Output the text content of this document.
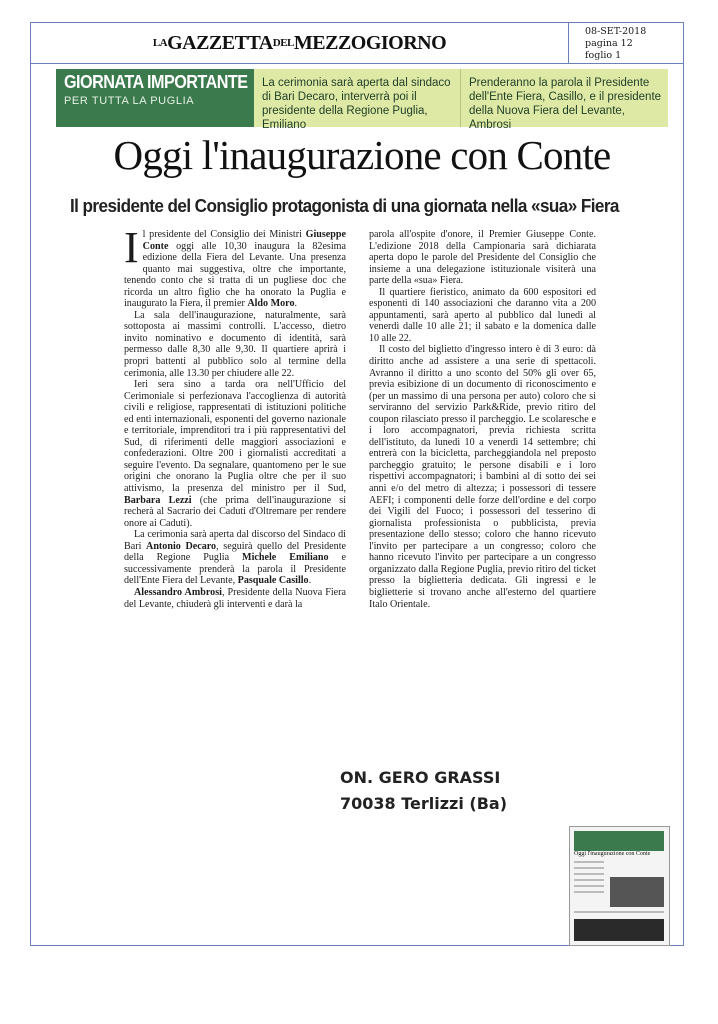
LA GAZZETTA DEL MEZZOGIORNO	08-SET-2018
pagina 12
foglio 1
GIORNATA IMPORTANTE
PER TUTTA LA PUGLIA
La cerimonia sarà aperta dal sindaco di Bari Decaro, interverrà poi il presidente della Regione Puglia, Emiliano
Prenderanno la parola il Presidente dell'Ente Fiera, Casillo, e il presidente della Nuova Fiera del Levante, Ambrosi
Oggi l'inaugurazione con Conte
Il presidente del Consiglio protagonista di una giornata nella «sua» Fiera

Il presidente del Consiglio dei Ministri Giuseppe Conte oggi alle 10,30 inaugura la 82esima edizione della Fiera del Levante. Una presenza quanto mai suggestiva, oltre che importante, tenendo conto che si tratta di un pugliese doc che ricorda un altro figlio che ha onorato la Puglia e inaugurato la Fiera, il premier Aldo Moro.

La sala dell'inaugurazione, naturalmente, sarà sottoposta ai massimi controlli. L'accesso, dietro invito nominativo e documento di identità, sarà permesso dalle 8,30 alle 9,30. Il quartiere aprirà i propri battenti al pubblico solo al termine della cerimonia, alle 13.30 per chiudere alle 22.

Ieri sera sino a tarda ora nell'Ufficio del Cerimoniale si perfezionava l'accoglienza di autorità civili e religiose, rappresentati di istituzioni politiche ed enti internazionali, esponenti del governo nazionale e territoriale, imprenditori tra i più rappresentativi del Sud, di riferimenti delle maggiori associazioni e confederazioni. Oltre 200 i giornalisti accreditati a seguire l'evento. Da segnalare, quantomeno per le sue origini che onorano la Puglia oltre che per il suo attivismo, la presenza del ministro per il Sud, Barbara Lezzi (che prima dell'inaugurazione si recherà al Sacrario dei Caduti d'Oltremare per rendere onore ai Caduti).

La cerimonia sarà aperta dal discorso del Sindaco di Bari Antonio Decaro, seguirà quello del Presidente della Regione Puglia Michele Emiliano e successivamente prenderà la parola il Presidente dell'Ente Fiera del Levante, Pasquale Casillo.

Alessandro Ambrosi, Presidente della Nuova Fiera del Levante, chiuderà gli interventi e darà la

parola all'ospite d'onore, il Premier Giuseppe Conte. L'edizione 2018 della Campionaria sarà dichiarata aperta dopo le parole del Presidente del Consiglio che insieme a una delegazione istituzionale visiterà una parte della «sua» Fiera.

Il quartiere fieristico, animato da 600 espositori ed esponenti di 140 associazioni che daranno vita a 200 appuntamenti, sarà aperto al pubblico dal lunedì al venerdì dalle 10 alle 21; il sabato e la domenica dalle 10 alle 22.

Il costo del biglietto d'ingresso intero è di 3 euro: dà diritto anche ad assistere a una serie di spettacoli. Avranno il diritto a uno sconto del 50% gli over 65, previa esibizione di un documento di riconoscimento e (per un massimo di una persona per auto) coloro che si serviranno del servizio Park&Ride, previo ritiro del coupon rilasciato presso il parcheggio. Le scolaresche e i loro accompagnatori, previa richiesta scritta dell'istituto, da lunedì 10 a venerdì 14 settembre; chi entrerà con la bicicletta, parcheggiandola nel preposto parcheggio gratuito; le persone disabili e i loro rispettivi accompagnatori; i bambini al di sotto dei sei anni e/o del metro di altezza; i possessori di tessere AEFI; i componenti delle forze dell'ordine e del corpo dei Vigili del Fuoco; i possessori del tesserino di giornalista professionista o pubblicista, previa presentazione dello stesso; coloro che hanno ricevuto l'invito per partecipare a un congresso; coloro che hanno ricevuto l'invito per partecipare a un congresso organizzato dalla Regione Puglia, previo ritiro del ticket presso la biglietteria dedicata. Gli ingressi e le biglietterie si trovano anche all'esterno del quartiere Italo Orientale.

ON. GERO GRASSI
70038 Terlizzi (Ba)
Oggi l'inaugurazione con Conte
